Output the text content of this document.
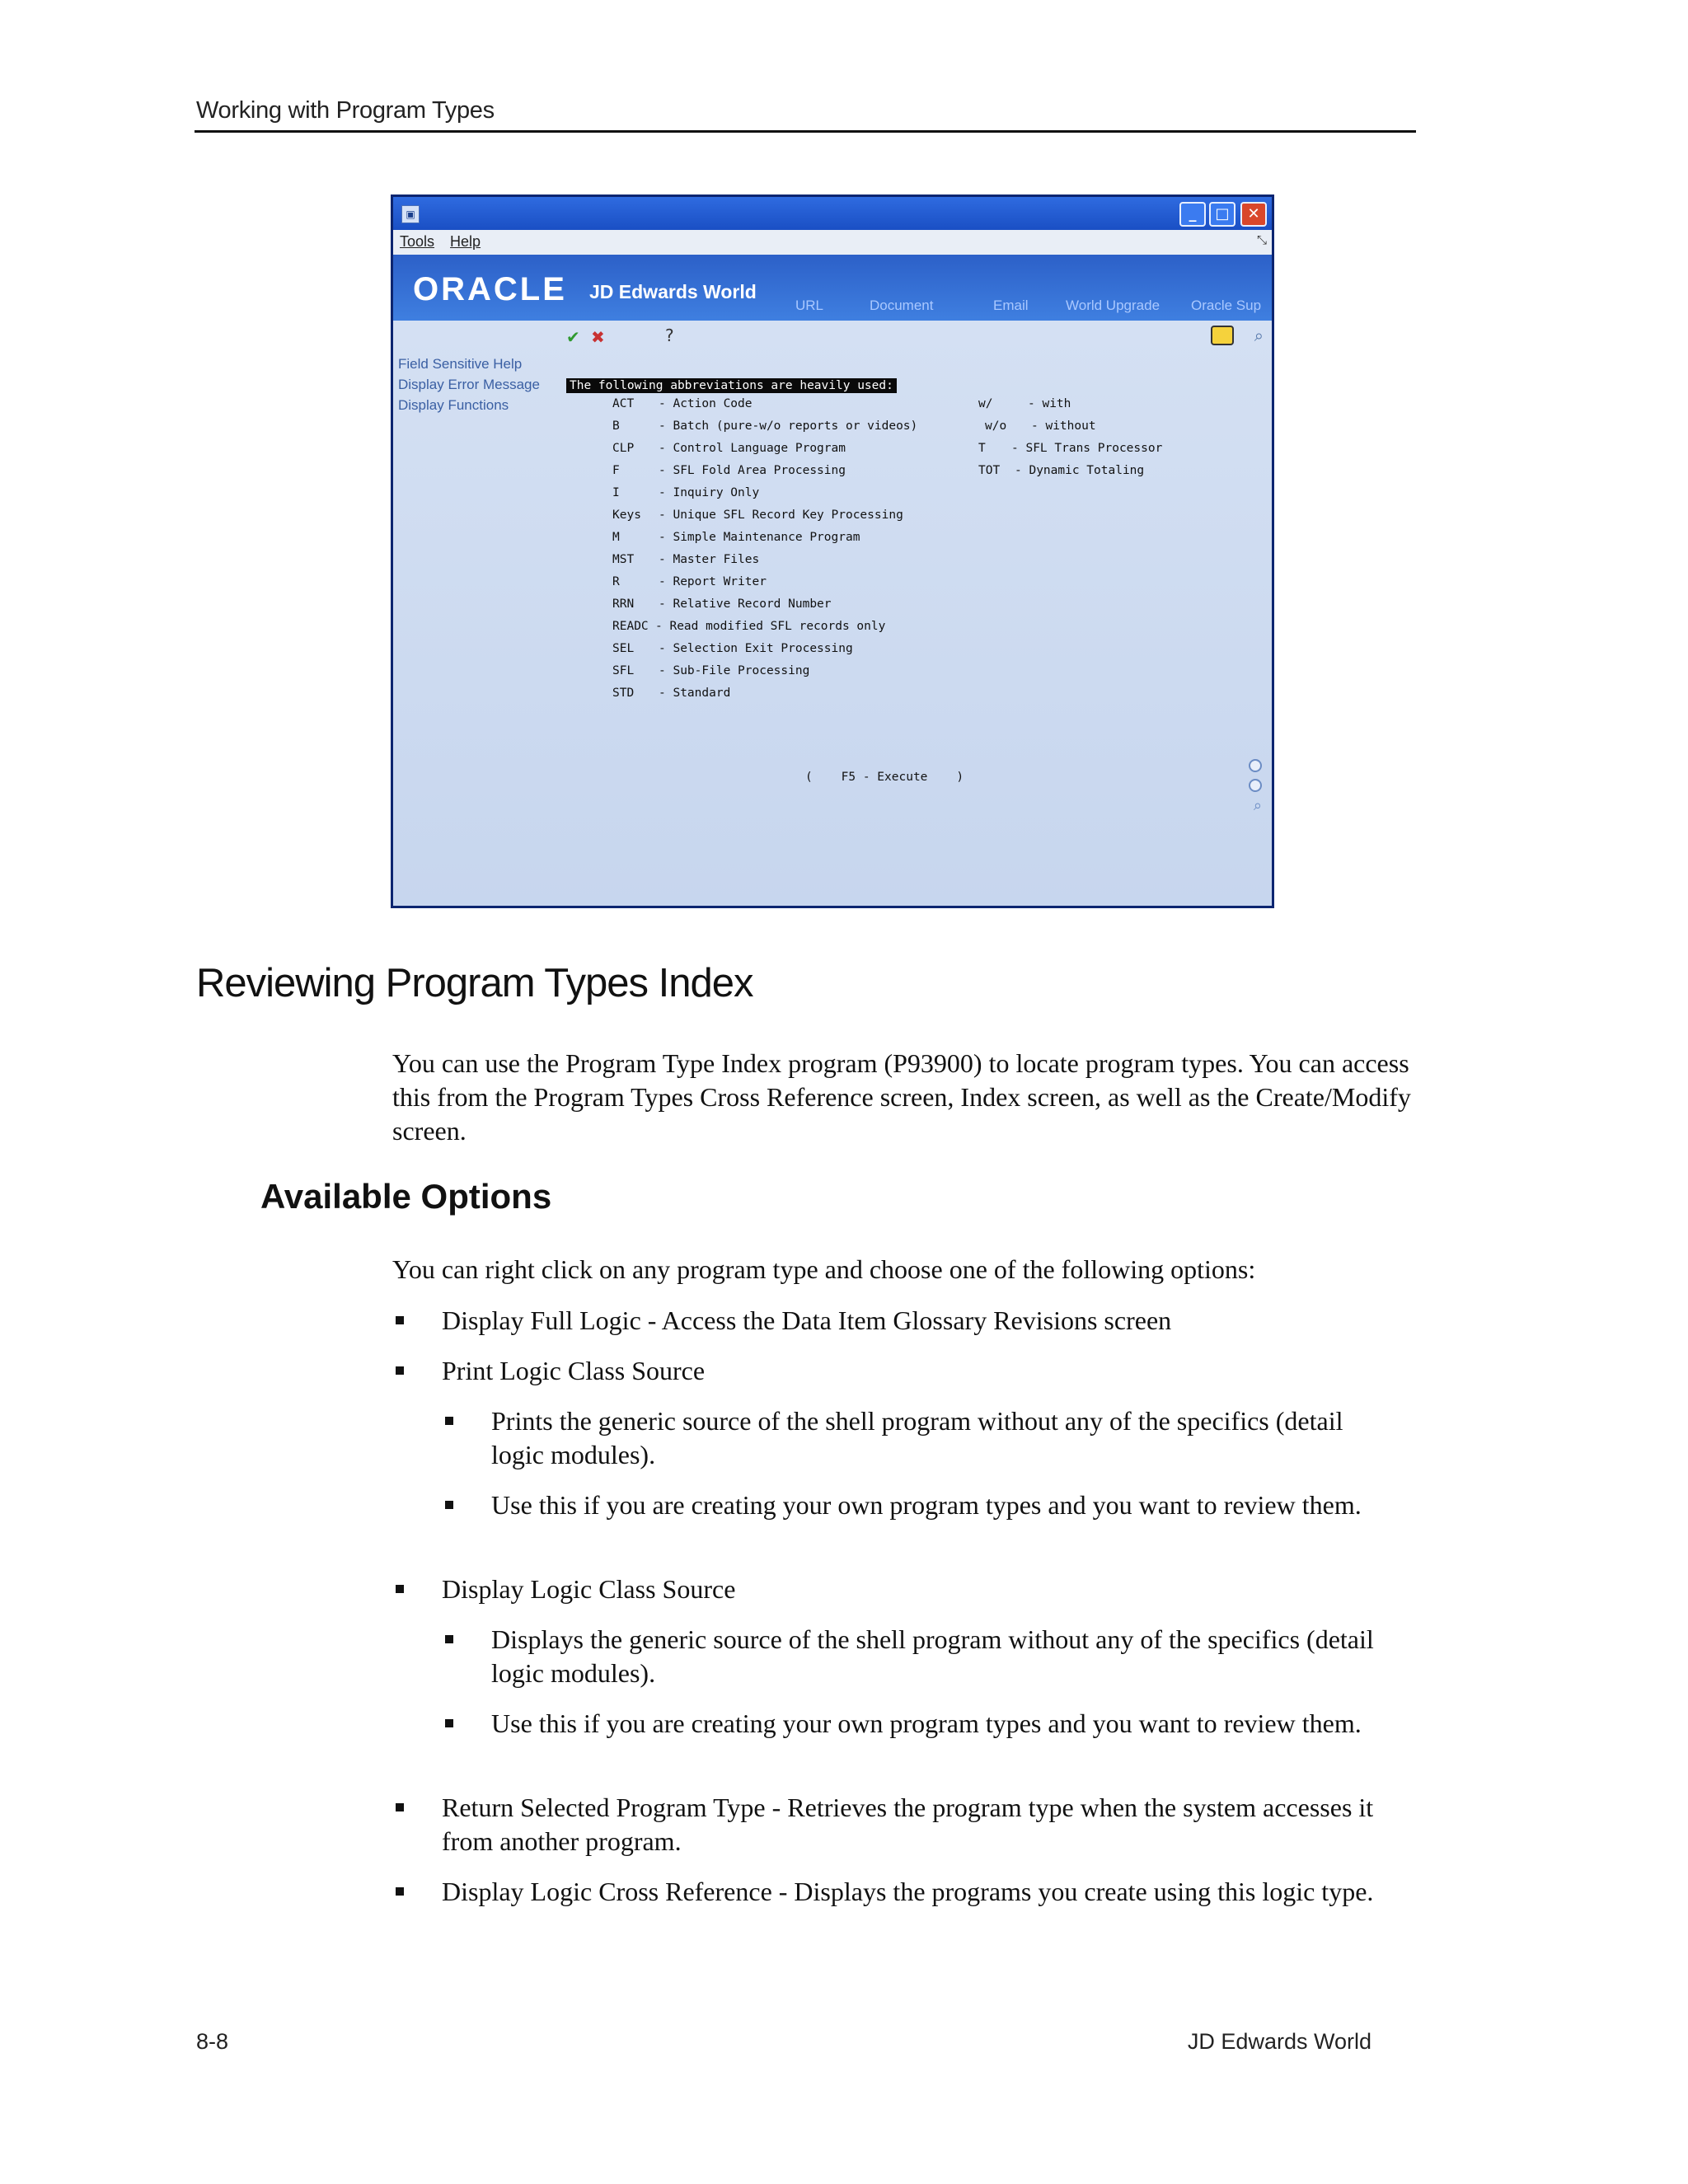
Working with Program Types
▣	_	□	✕
Tools Help	⤡
ORACLE JD Edwards World
URL	Document	Email	World Upgrade Oracle Sup
✔ ✖	?	⌕
Field Sensitive Help
Display Error Message
Display Functions
The following abbreviations are heavily used:
ACT - Action Code	w/	- with
B	- Batch (pure-w/o reports or videos)	w/o - without
CLP - Control Language Program	T - SFL Trans Processor
F	- SFL Fold Area Processing	TOT - Dynamic Totaling
I	- Inquiry Only
Keys - Unique SFL Record Key Processing
M	- Simple Maintenance Program
MST - Master Files
R	- Report Writer
RRN - Relative Record Number
READC - Read modified SFL records only
SEL - Selection Exit Processing
SFL - Sub-File Processing
STD - Standard
(    F5 - Execute    )
⌕
Reviewing Program Types Index
You can use the Program Type Index program (P93900) to locate program types. You can access this from the Program Types Cross Reference screen, Index screen, as well as the Create/Modify screen.
Available Options
You can right click on any program type and choose one of the following options:
Display Full Logic - Access the Data Item Glossary Revisions screen
Print Logic Class Source
Prints the generic source of the shell program without any of the specifics (detail logic modules).
Use this if you are creating your own program types and you want to review them.
Display Logic Class Source
Displays the generic source of the shell program without any of the specifics (detail logic modules).
Use this if you are creating your own program types and you want to review them.
Return Selected Program Type - Retrieves the program type when the system accesses it from another program.
Display Logic Cross Reference - Displays the programs you create using this logic type.
8-8	JD Edwards World
